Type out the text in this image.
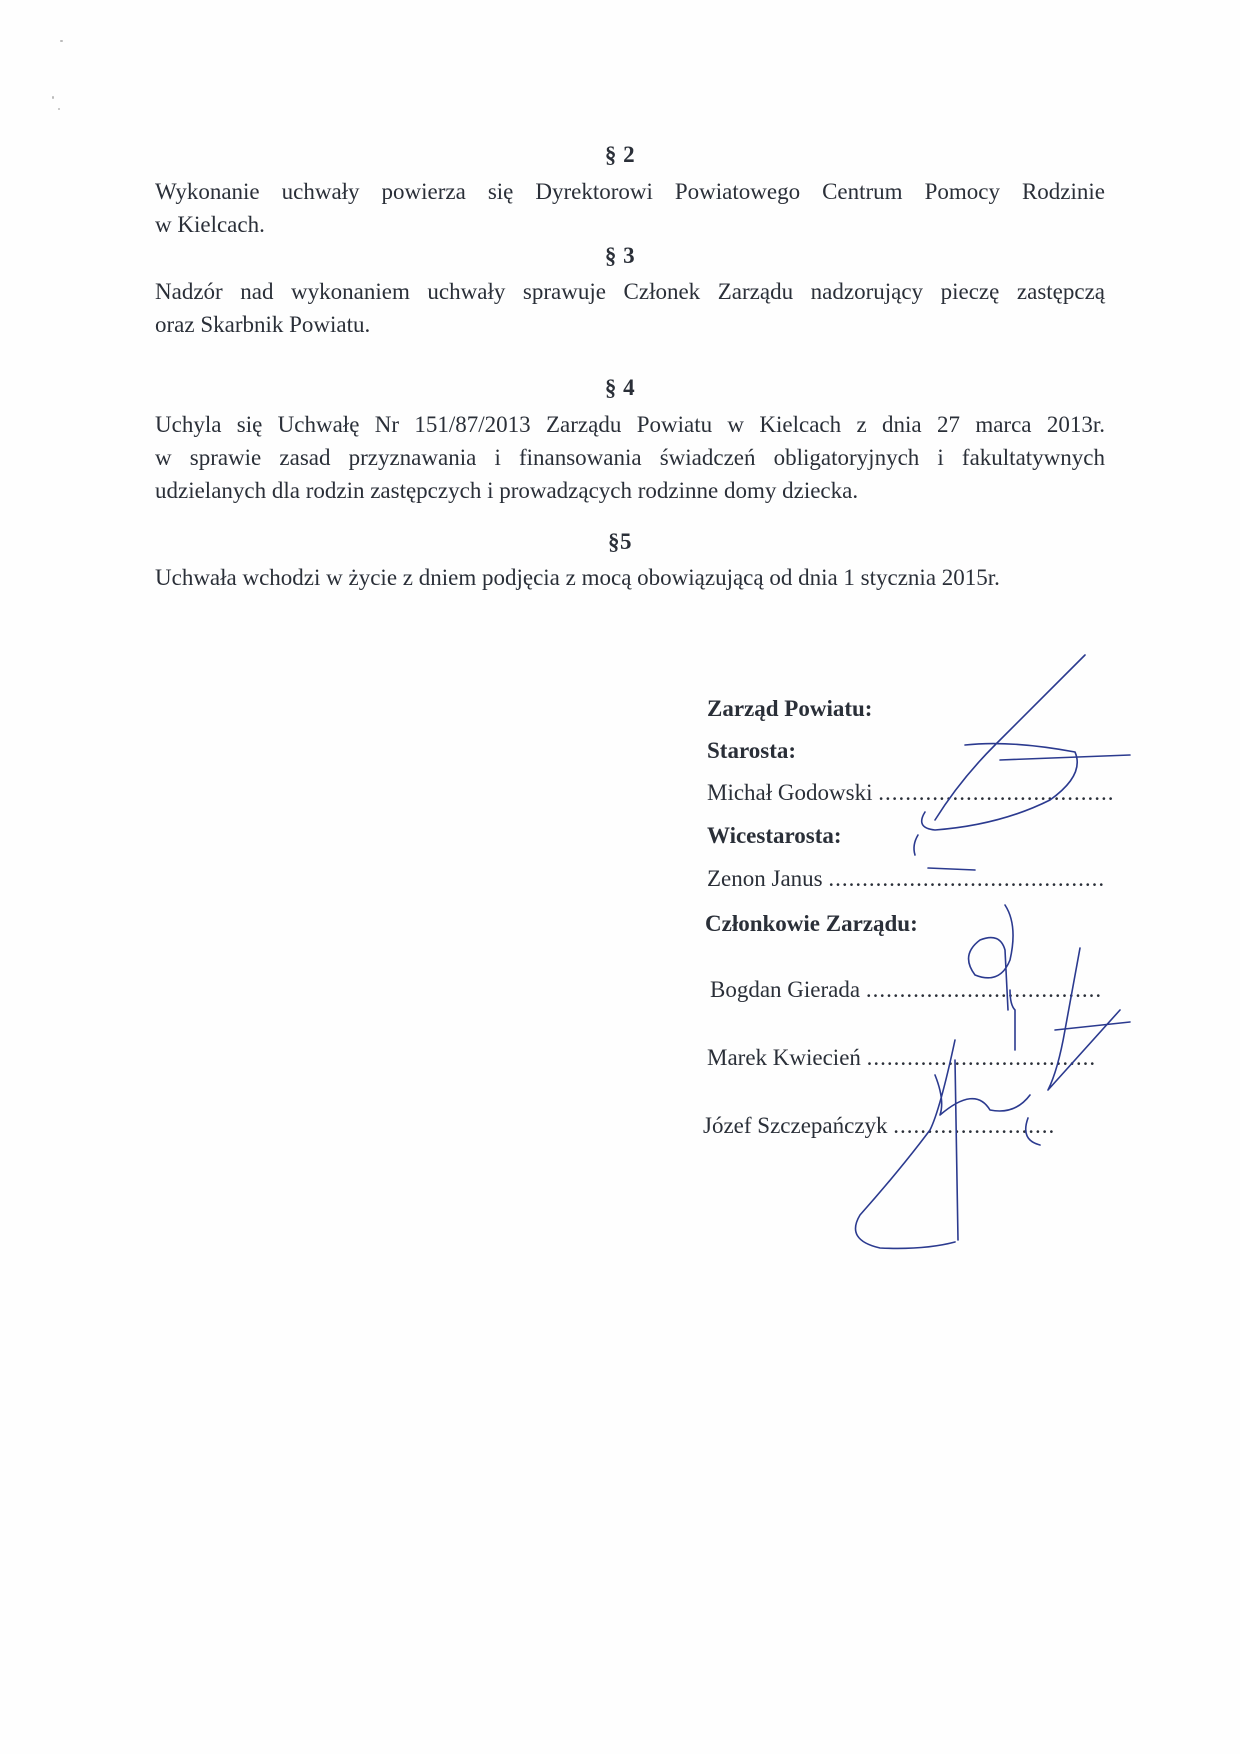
§ 2
Wykonanie uchwały powierza się Dyrektorowi Powiatowego Centrum Pomocy Rodzinie
w Kielcach.
§ 3
Nadzór nad wykonaniem uchwały sprawuje Członek Zarządu nadzorujący pieczę zastępczą
oraz Skarbnik Powiatu.
§ 4
Uchyla się Uchwałę Nr 151/87/2013 Zarządu Powiatu w Kielcach z dnia 27 marca 2013r.
w sprawie zasad przyznawania i finansowania świadczeń obligatoryjnych i fakultatywnych
udzielanych dla rodzin zastępczych i prowadzących rodzinne domy dziecka.
§5
Uchwała wchodzi w życie z dniem podjęcia z mocą obowiązującą od dnia 1 stycznia 2015r.
Zarząd Powiatu:
Starosta:
Michał Godowski ...................................
Wicestarosta:
Zenon Janus .........................................
Członkowie Zarządu:
Bogdan Gierada ...................................
Marek Kwiecień ..................................
Józef Szczepańczyk ........................
